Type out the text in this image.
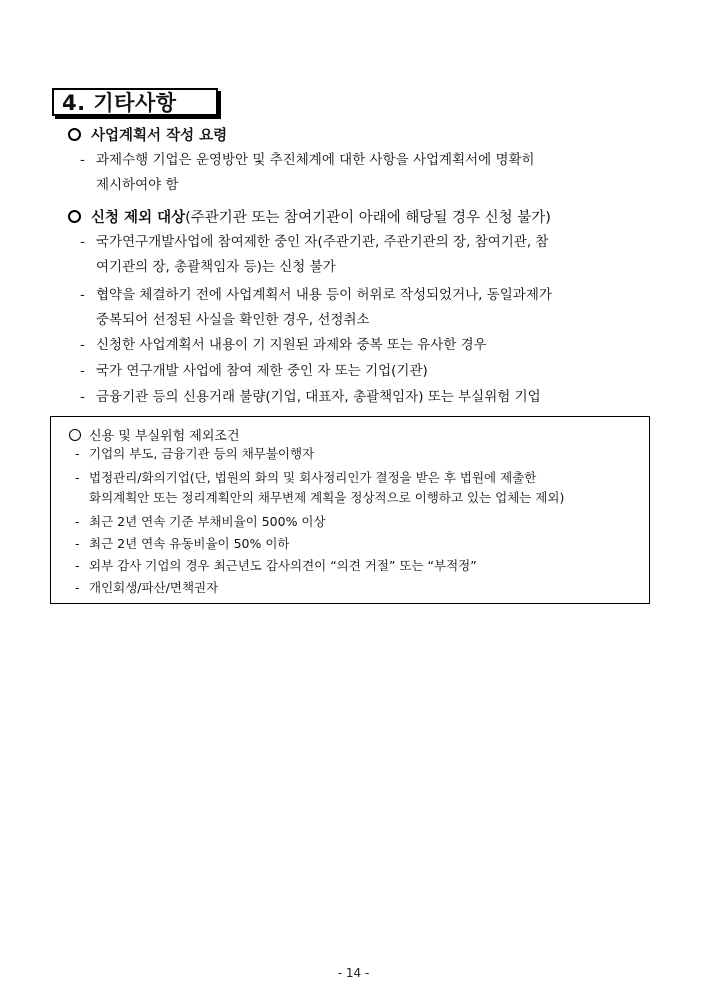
4. 기타사항
사업계획서 작성 요령
- 과제수행 기업은 운영방안 및 추진체계에 대한 사항을 사업계획서에 명확히
제시하여야 함
신청 제외 대상 (주관기관 또는 참여기관이 아래에 해당될 경우 신청 불가)
- 국가연구개발사업에 참여제한 중인 자(주관기관, 주관기관의 장, 참여기관, 참
여기관의 장, 총괄책임자 등)는 신청 불가
- 협약을 체결하기 전에 사업계획서 내용 등이 허위로 작성되었거나, 동일과제가
중복되어 선정된 사실을 확인한 경우, 선정취소
- 신청한 사업계획서 내용이 기 지원된 과제와 중복 또는 유사한 경우
- 국가 연구개발 사업에 참여 제한 중인 자 또는 기업(기관)
- 금융기관 등의 신용거래 불량(기업, 대표자, 총괄책임자) 또는 부실위험 기업
신용 및 부실위험 제외조건
- 기업의 부도, 금융기관 등의 채무불이행자
- 법정관리/화의기업(단, 법원의 화의 및 회사정리인가 결정을 받은 후 법원에 제출한
화의계획안 또는 정리계획안의 채무변제 계획을 정상적으로 이행하고 있는 업체는 제외)
- 최근 2년 연속 기준 부채비율이 500% 이상
- 최근 2년 연속 유동비율이 50% 이하
- 외부 감사 기업의 경우 최근년도 감사의견이 “의견 거절” 또는 “부적정”
- 개인회생/파산/면책권자
- 14 -
